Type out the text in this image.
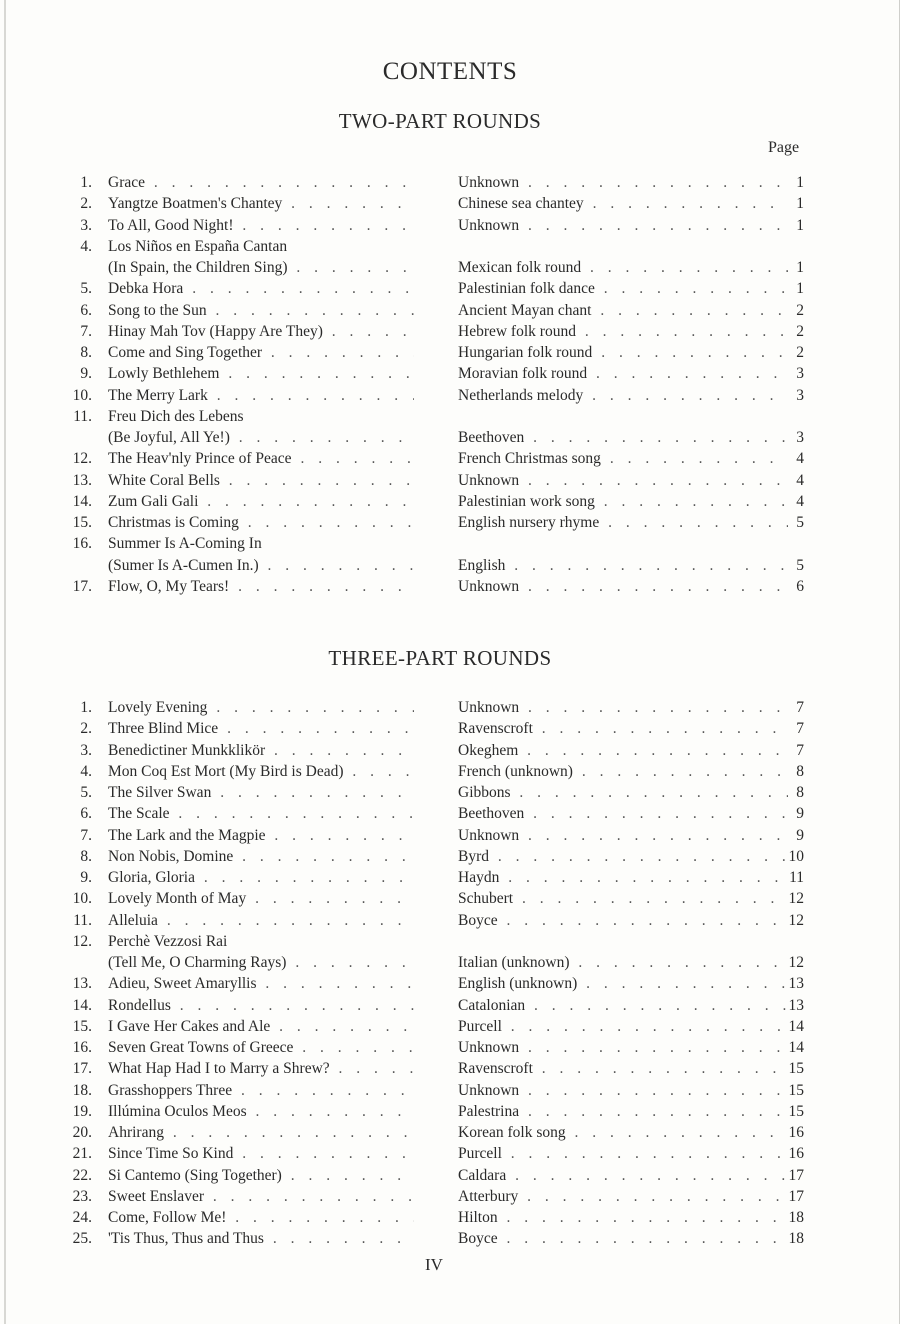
CONTENTS
TWO-PART ROUNDS
Page
1. Grace . . .	Unknown . . .	1
2. Yangtze Boatmen's Chantey . . .	Chinese sea chantey . . .	1
3. To All, Good Night! . . .	Unknown . . .	1
4. Los Niños en España Cantan
(In Spain, the Children Sing) . . .	Mexican folk round . . .	1
5. Debka Hora . . .	Palestinian folk dance . . .	1
6. Song to the Sun . . .	Ancient Mayan chant . . .	2
7. Hinay Mah Tov (Happy Are They) . . .	Hebrew folk round . . .	2
8. Come and Sing Together . . .	Hungarian folk round . . .	2
9. Lowly Bethlehem . . .	Moravian folk round . . .	3
10. The Merry Lark . . .	Netherlands melody . . .	3
11. Freu Dich des Lebens
(Be Joyful, All Ye!) . . .	Beethoven . . .	3
12. The Heav'nly Prince of Peace . . .	French Christmas song . . .	4
13. White Coral Bells . . .	Unknown . . .	4
14. Zum Gali Gali . . .	Palestinian work song . . .	4
15. Christmas is Coming . . .	English nursery rhyme . . .	5
16. Summer Is A-Coming In
(Sumer Is A-Cumen In.) . . .	English . . .	5
17. Flow, O, My Tears! . . .	Unknown . . .	6
THREE-PART ROUNDS
1. Lovely Evening . . .	Unknown . . .	7
2. Three Blind Mice . . .	Ravenscroft . . .	7
3. Benedictiner Munkklikör . . .	Okeghem . . .	7
4. Mon Coq Est Mort (My Bird is Dead) . . .	French (unknown) . . .	8
5. The Silver Swan . . .	Gibbons . . .	8
6. The Scale . . .	Beethoven . . .	9
7. The Lark and the Magpie . . .	Unknown . . .	9
8. Non Nobis, Domine . . .	Byrd . . .	10
9. Gloria, Gloria . . .	Haydn . . .	11
10. Lovely Month of May . . .	Schubert . . .	12
11. Alleluia . . .	Boyce . . .	12
12. Perchè Vezzosi Rai
(Tell Me, O Charming Rays) . . .	Italian (unknown) . . .	12
13. Adieu, Sweet Amaryllis . . .	English (unknown) . . .	13
14. Rondellus . . .	Catalonian . . .	13
15. I Gave Her Cakes and Ale . . .	Purcell . . .	14
16. Seven Great Towns of Greece . . .	Unknown . . .	14
17. What Hap Had I to Marry a Shrew? . . .	Ravenscroft . . .	15
18. Grasshoppers Three . . .	Unknown . . .	15
19. Illúmina Oculos Meos . . .	Palestrina . . .	15
20. Ahrirang . . .	Korean folk song . . .	16
21. Since Time So Kind . . .	Purcell . . .	16
22. Si Cantemo (Sing Together) . . .	Caldara . . .	17
23. Sweet Enslaver . . .	Atterbury . . .	17
24. Come, Follow Me! . . .	Hilton . . .	18
25. 'Tis Thus, Thus and Thus . . .	Boyce . . .	18
IV
